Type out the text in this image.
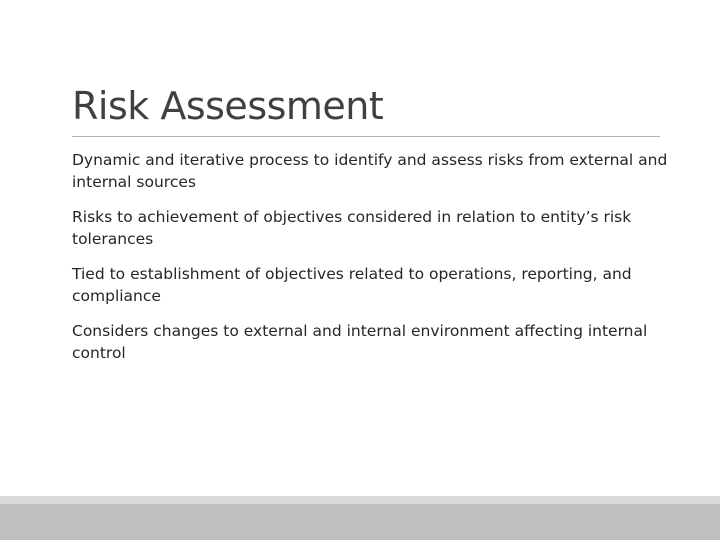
Risk Assessment
Dynamic and iterative process to identify and assess risks from external and internal sources
Risks to achievement of objectives considered in relation to entity’s risk tolerances
Tied to establishment of objectives related to operations, reporting, and compliance
Considers changes to external and internal environment affecting internal control
